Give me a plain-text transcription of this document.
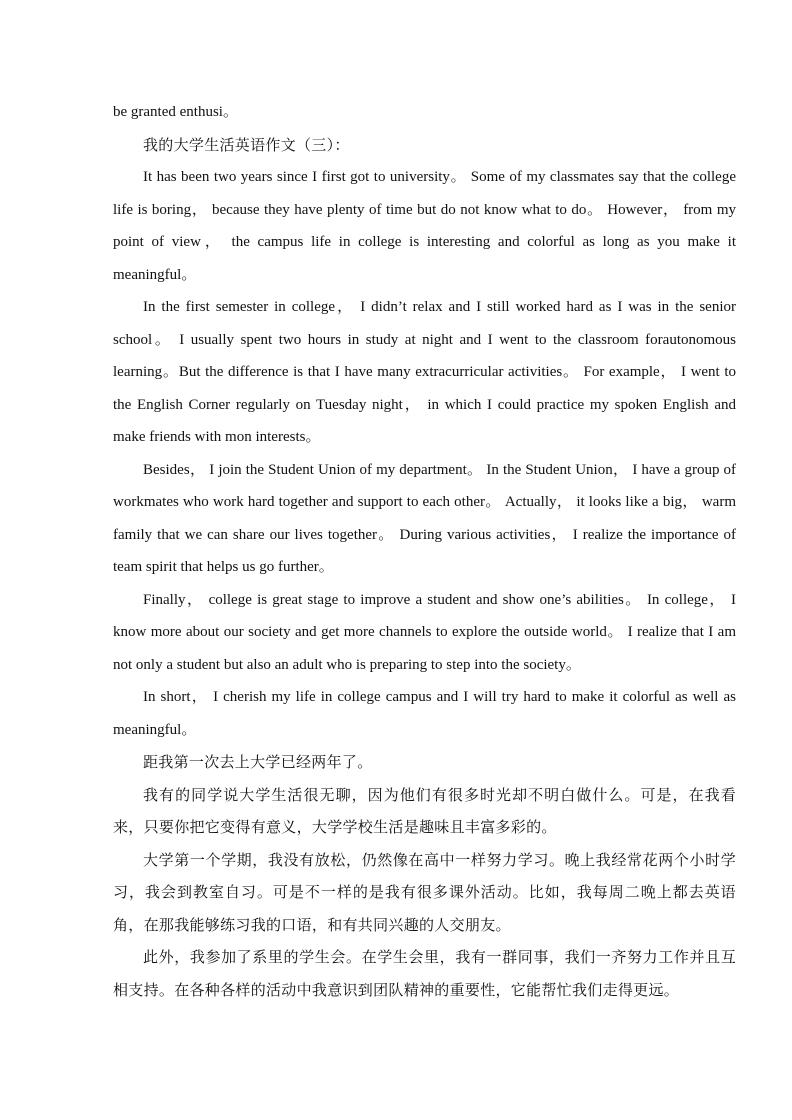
be granted enthusi。

我的大学生活英语作文（三）：

It has been two years since I first got to university。 Some of my classmates say that the college life is boring， because they have plenty of time but do not know what to do。 However， from my point of view， the campus life in college is interesting and colorful as long as you make it meaningful。

In the first semester in college， I didn’t relax and I still worked hard as I was in the senior school。 I usually spent two hours in study at night and I went to the classroom forautonomous learning。But the difference is that I have many extracurricular activities。 For example， I went to the English Corner regularly on Tuesday night， in which I could practice my spoken English and make friends with mon interests。

Besides， I join the Student Union of my department。 In the Student Union， I have a group of workmates who work hard together and support to each other。 Actually， it looks like a big， warm family that we can share our lives together。 During various activities， I realize the importance of team spirit that helps us go further。

Finally， college is great stage to improve a student and show one’s abilities。 In college， I know more about our society and get more channels to explore the outside world。 I realize that I am not only a student but also an adult who is preparing to step into the society。

In short， I cherish my life in college campus and I will try hard to make it colorful as well as meaningful。

距我第一次去上大学已经两年了。

我有的同学说大学生活很无聊，因为他们有很多时光却不明白做什么。可是，在我看来，只要你把它变得有意义，大学学校生活是趣味且丰富多彩的。

大学第一个学期，我没有放松，仍然像在高中一样努力学习。晚上我经常花两个小时学习，我会到教室自习。可是不一样的是我有很多课外活动。比如，我每周二晚上都去英语角，在那我能够练习我的口语，和有共同兴趣的人交朋友。

此外，我参加了系里的学生会。在学生会里，我有一群同事，我们一齐努力工作并且互相支持。在各种各样的活动中我意识到团队精神的重要性，它能帮忙我们走得更远。
